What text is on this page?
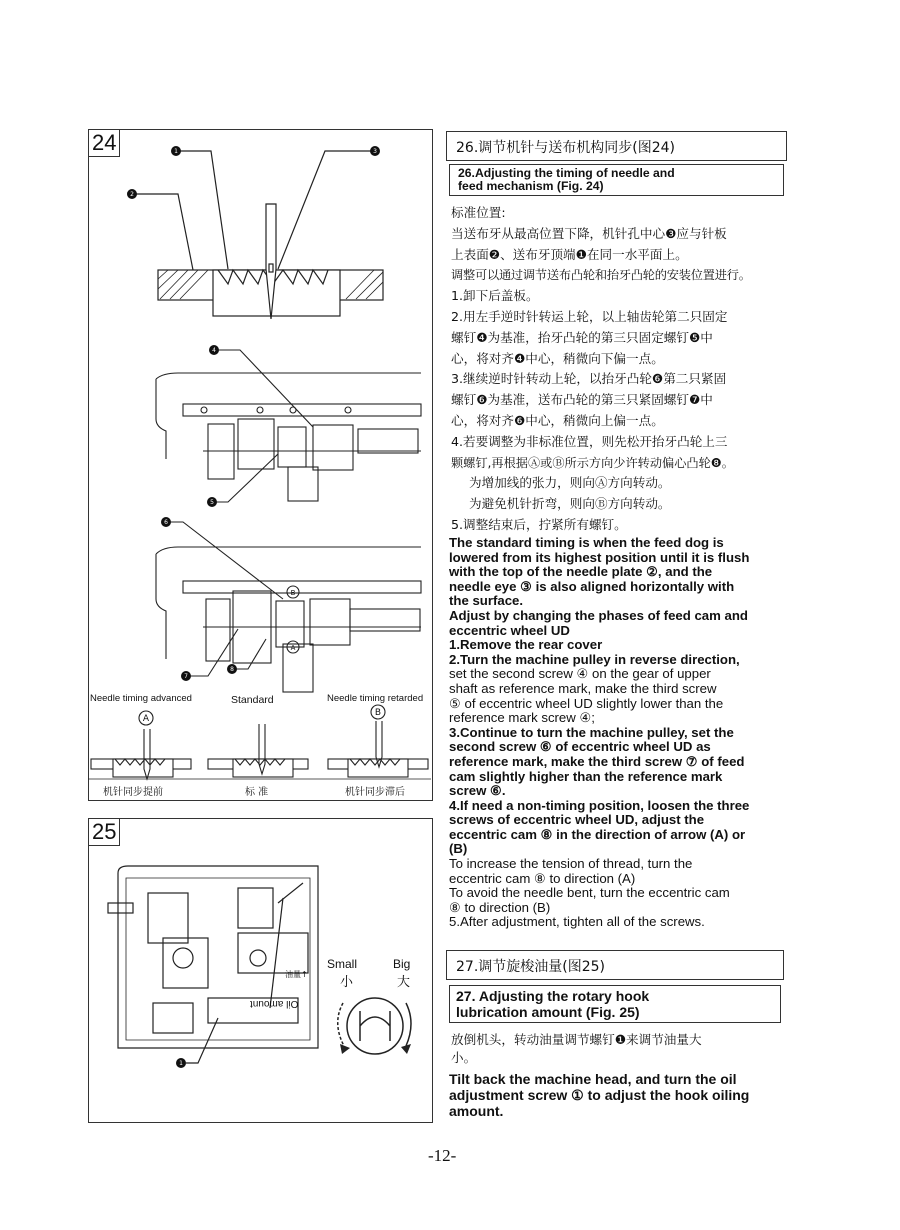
24	1	3
2
4
5
6
7
8
B
A
A
B
Needle timing advanced	Standard	Needle timing retarded
机针同步提前	标 准	机针同步滞后
25
1
Small	Big
小	大
油量↑
Oil amount
26.调节机针与送布机构同步(图24)
26.Adjusting the timing of needle and
feed mechanism (Fig. 24)

标准位置:

当送布牙从最高位置下降，机针孔中心❸应与针板

上表面❷、送布牙顶端❶在同一水平面上。

调整可以通过调节送布凸轮和抬牙凸轮的安装位置进行。

1.卸下后盖板。

2.用左手逆时针转运上轮，以上轴齿轮第二只固定

螺钉❹为基准，抬牙凸轮的第三只固定螺钉❺中

心，将对齐❹中心，稍微向下偏一点。

3.继续逆时针转动上轮，以抬牙凸轮❻第二只紧固

螺钉❻为基准，送布凸轮的第三只紧固螺钉❼中

心，将对齐❻中心，稍微向上偏一点。

4.若要调整为非标准位置，则先松开抬牙凸轮上三

颗螺钉,再根据Ⓐ或Ⓑ所示方向少许转动偏心凸轮❽。

为增加线的张力，则向Ⓐ方向转动。

为避免机针折弯，则向Ⓑ方向转动。

5.调整结束后，拧紧所有螺钉。

The standard timing is when the feed dog is

lowered from its highest position until it is flush

with the top of the needle plate ②, and the

needle eye ③ is also aligned horizontally with

the surface.

Adjust by changing the phases of feed cam and

eccentric wheel UD

1.Remove the rear cover

2.Turn the machine pulley in reverse direction,

set the second screw ④ on the gear of upper

shaft as reference mark, make the third screw

⑤ of eccentric wheel UD slightly lower than the

reference mark screw ④;

3.Continue to turn the machine pulley, set the

second screw ⑥ of eccentric wheel UD as

reference mark, make the third screw ⑦ of feed

cam slightly higher than the reference mark

screw ⑥.

4.If need a non-timing position, loosen the three

screws of eccentric wheel UD, adjust the

eccentric cam ⑧ in the direction of arrow (A) or

(B)

To increase the tension of thread, turn the

eccentric cam ⑧ to direction (A)

To avoid the needle bent, turn the eccentric cam

⑧ to direction (B)

5.After adjustment, tighten all of the screws.

27.调节旋梭油量(图25)
27. Adjusting the rotary hook
lubrication amount (Fig. 25)

放倒机头，转动油量调节螺钉❶来调节油量大

小。

Tilt back the machine head, and turn the oil

adjustment screw ① to adjust the hook oiling

amount.

-12-
